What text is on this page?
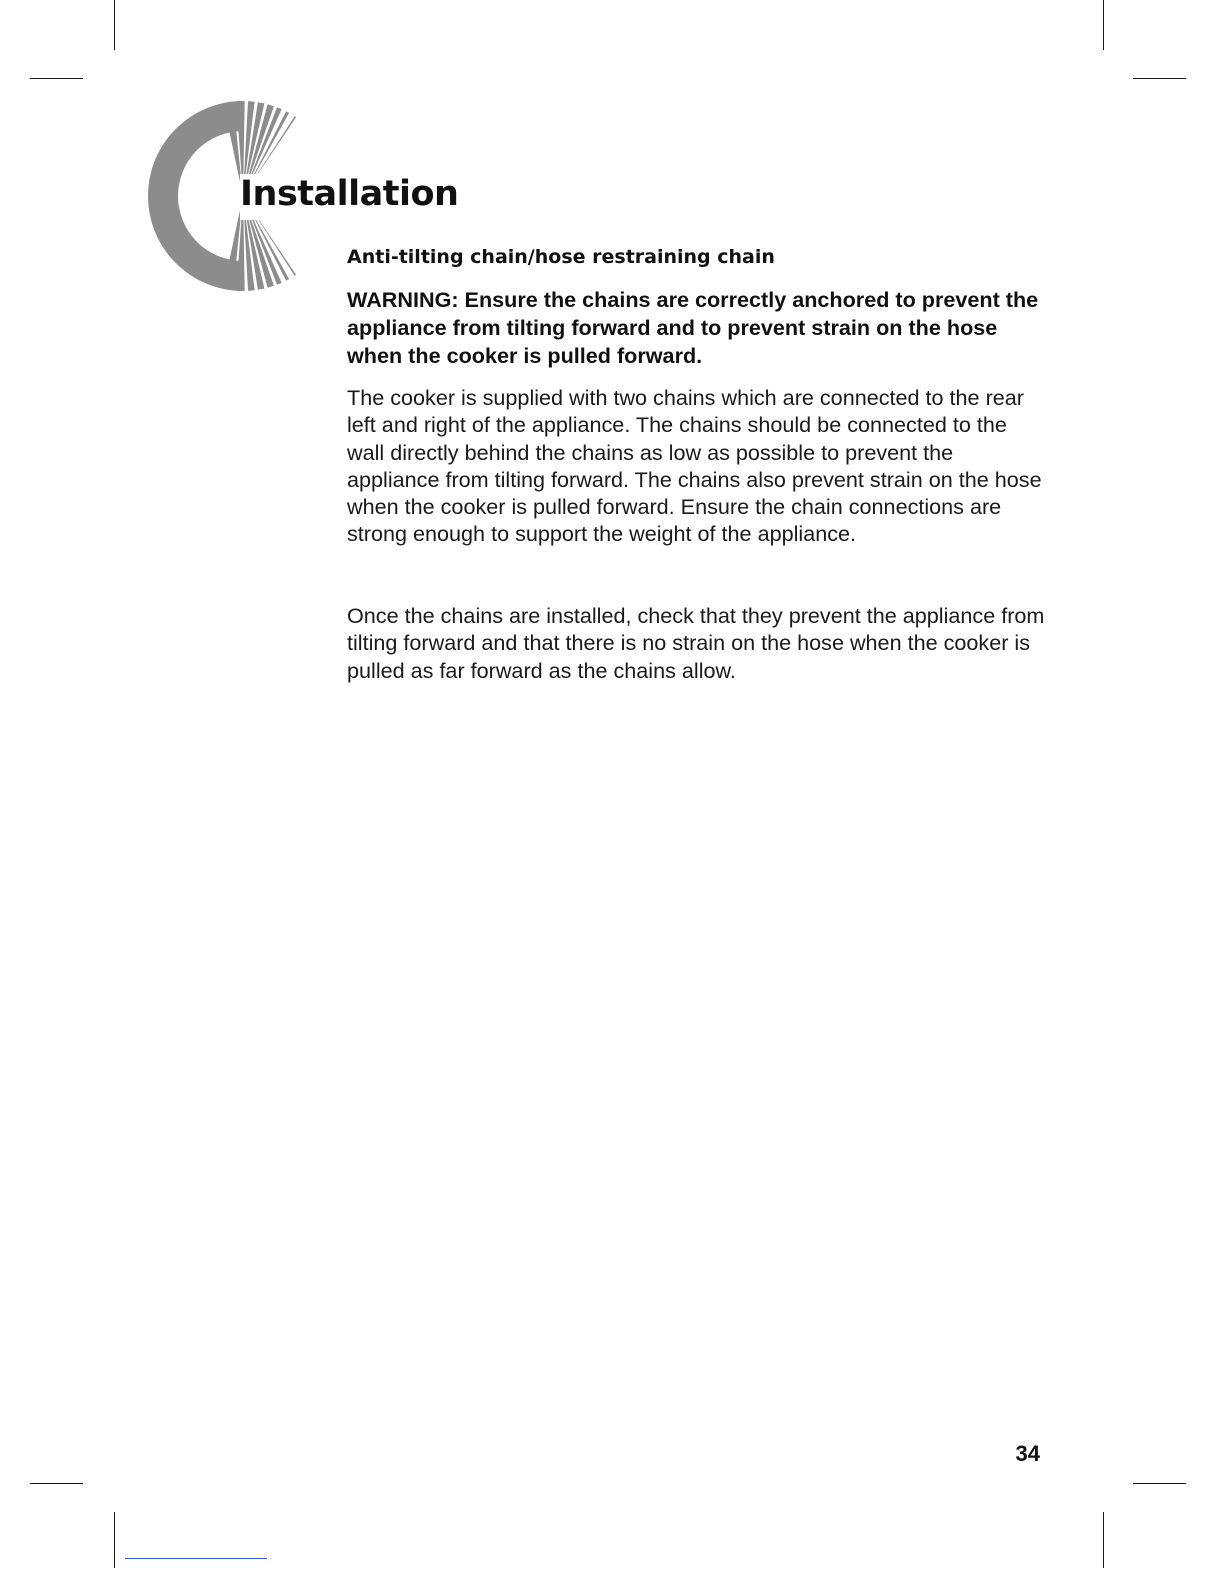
Installation
Anti-tilting chain/hose restraining chain

WARNING: Ensure the chains are correctly anchored to prevent the appliance from tilting forward and to prevent strain on the hose when the cooker is pulled forward.

The cooker is supplied with two chains which are connected to the rear left and right of the appliance. The chains should be connected to the wall directly behind the chains as low as possible to prevent the appliance from tilting forward. The chains also prevent strain on the hose when the cooker is pulled forward. Ensure the chain connections are strong enough to support the weight of the appliance.

Once the chains are installed, check that they prevent the appliance from tilting forward and that there is no strain on the hose when the cooker is pulled as far forward as the chains allow.

34
